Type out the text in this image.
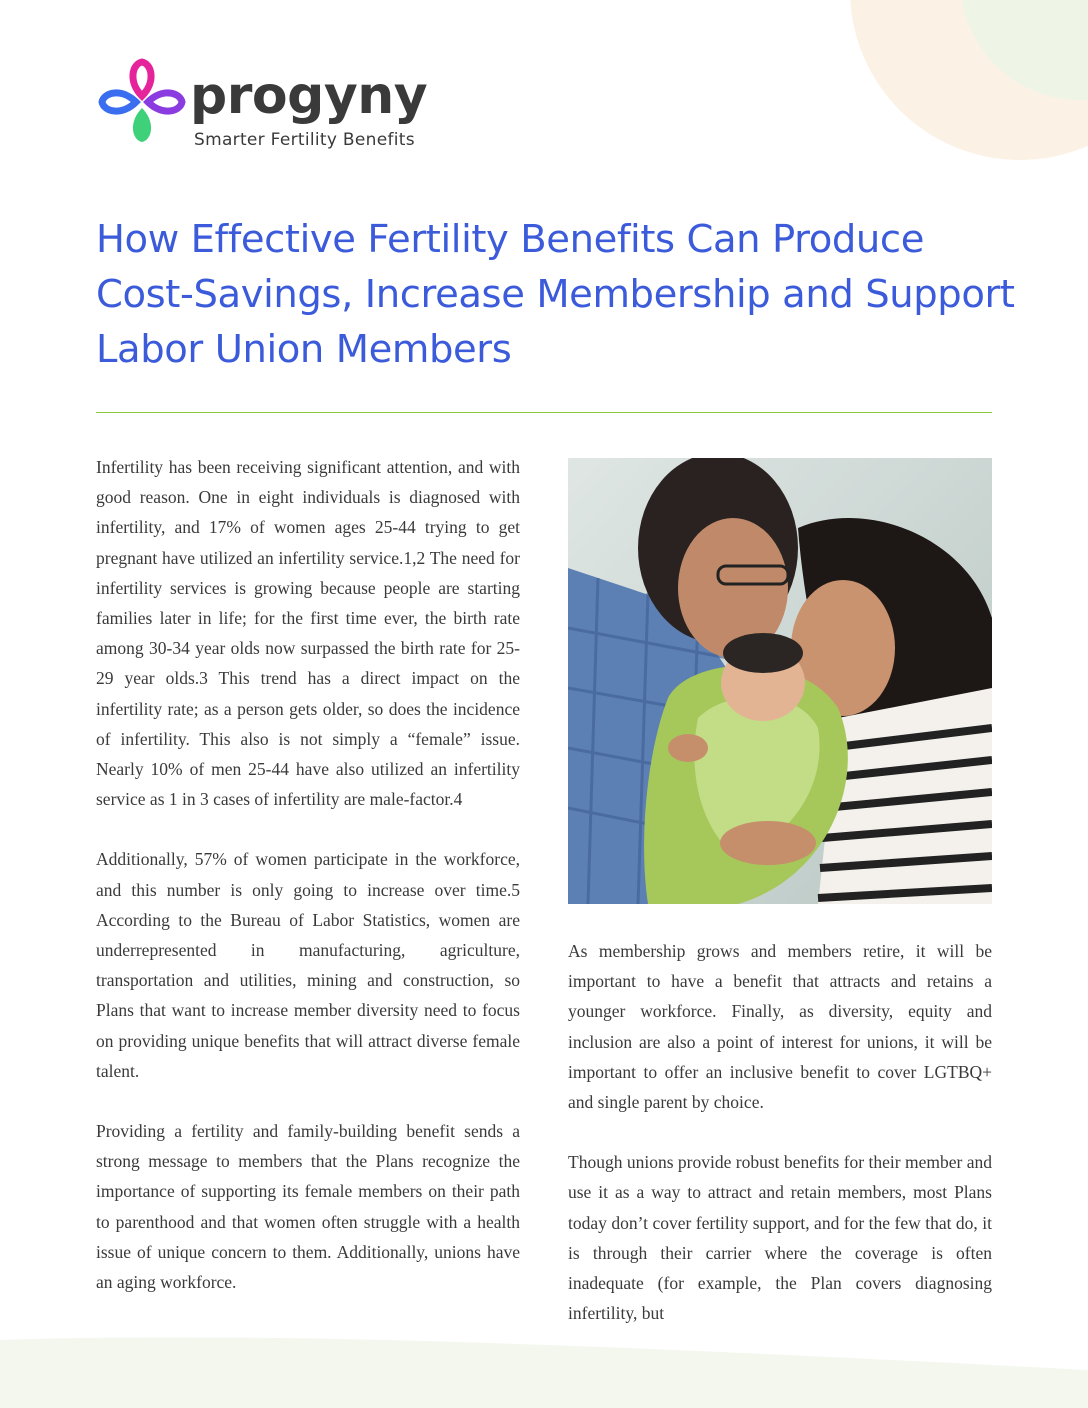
progyny
Smarter Fertility Benefits
How Effective Fertility Benefits Can Produce Cost-Savings, Increase Membership and Support Labor Union Members

Infertility has been receiving significant attention, and with good reason. One in eight individuals is diagnosed with infertility, and 17% of women ages 25-44 trying to get pregnant have utilized an infertility service.1,2 The need for infertility services is growing because people are starting families later in life; for the first time ever, the birth rate among 30-34 year olds now surpassed the birth rate for 25-29 year olds.3 This trend has a direct impact on the infertility rate; as a person gets older, so does the incidence of infertility. This also is not simply a “female” issue. Nearly 10% of men 25-44 have also utilized an infertility service as 1 in 3 cases of infertility are male-factor.4

Additionally, 57% of women participate in the workforce, and this number is only going to increase over time.5 According to the Bureau of Labor Statistics, women are underrepresented in manufacturing, agriculture, transportation and utilities, mining and construction, so Plans that want to increase member diversity need to focus on providing unique benefits that will attract diverse female talent.

Providing a fertility and family-building benefit sends a strong message to members that the Plans recognize the importance of supporting its female members on their path to parenthood and that women often struggle with a health issue of unique concern to them. Additionally, unions have an aging workforce.

As membership grows and members retire, it will be important to have a benefit that attracts and retains a younger workforce. Finally, as diversity, equity and inclusion are also a point of interest for unions, it will be important to offer an inclusive benefit to cover LGTBQ+ and single parent by choice.

Though unions provide robust benefits for their member and use it as a way to attract and retain members, most Plans today don’t cover fertility support, and for the few that do, it is through their carrier where the coverage is often inadequate (for example, the Plan covers diagnosing infertility, but
